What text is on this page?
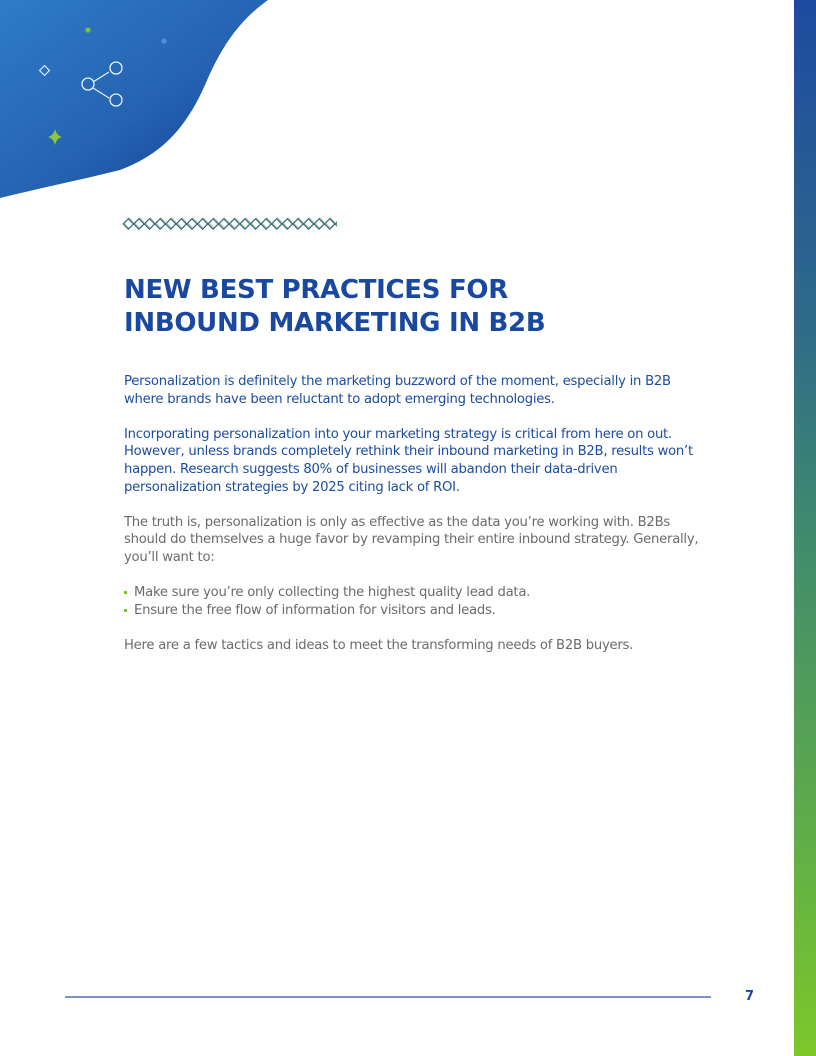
NEW BEST PRACTICES FOR
INBOUND MARKETING IN B2B

Personalization is definitely the marketing buzzword of the moment, especially in B2B where brands have been reluctant to adopt emerging technologies.

Incorporating personalization into your marketing strategy is critical from here on out. However, unless brands completely rethink their inbound marketing in B2B, results won’t happen. Research suggests 80% of businesses will abandon their data-driven personalization strategies by 2025 citing lack of ROI.

The truth is, personalization is only as effective as the data you’re working with. B2Bs should do themselves a huge favor by revamping their entire inbound strategy. Generally, you’ll want to:

Make sure you’re only collecting the highest quality lead data.
Ensure the free flow of information for visitors and leads.

Here are a few tactics and ideas to meet the transforming needs of B2B buyers.

7
